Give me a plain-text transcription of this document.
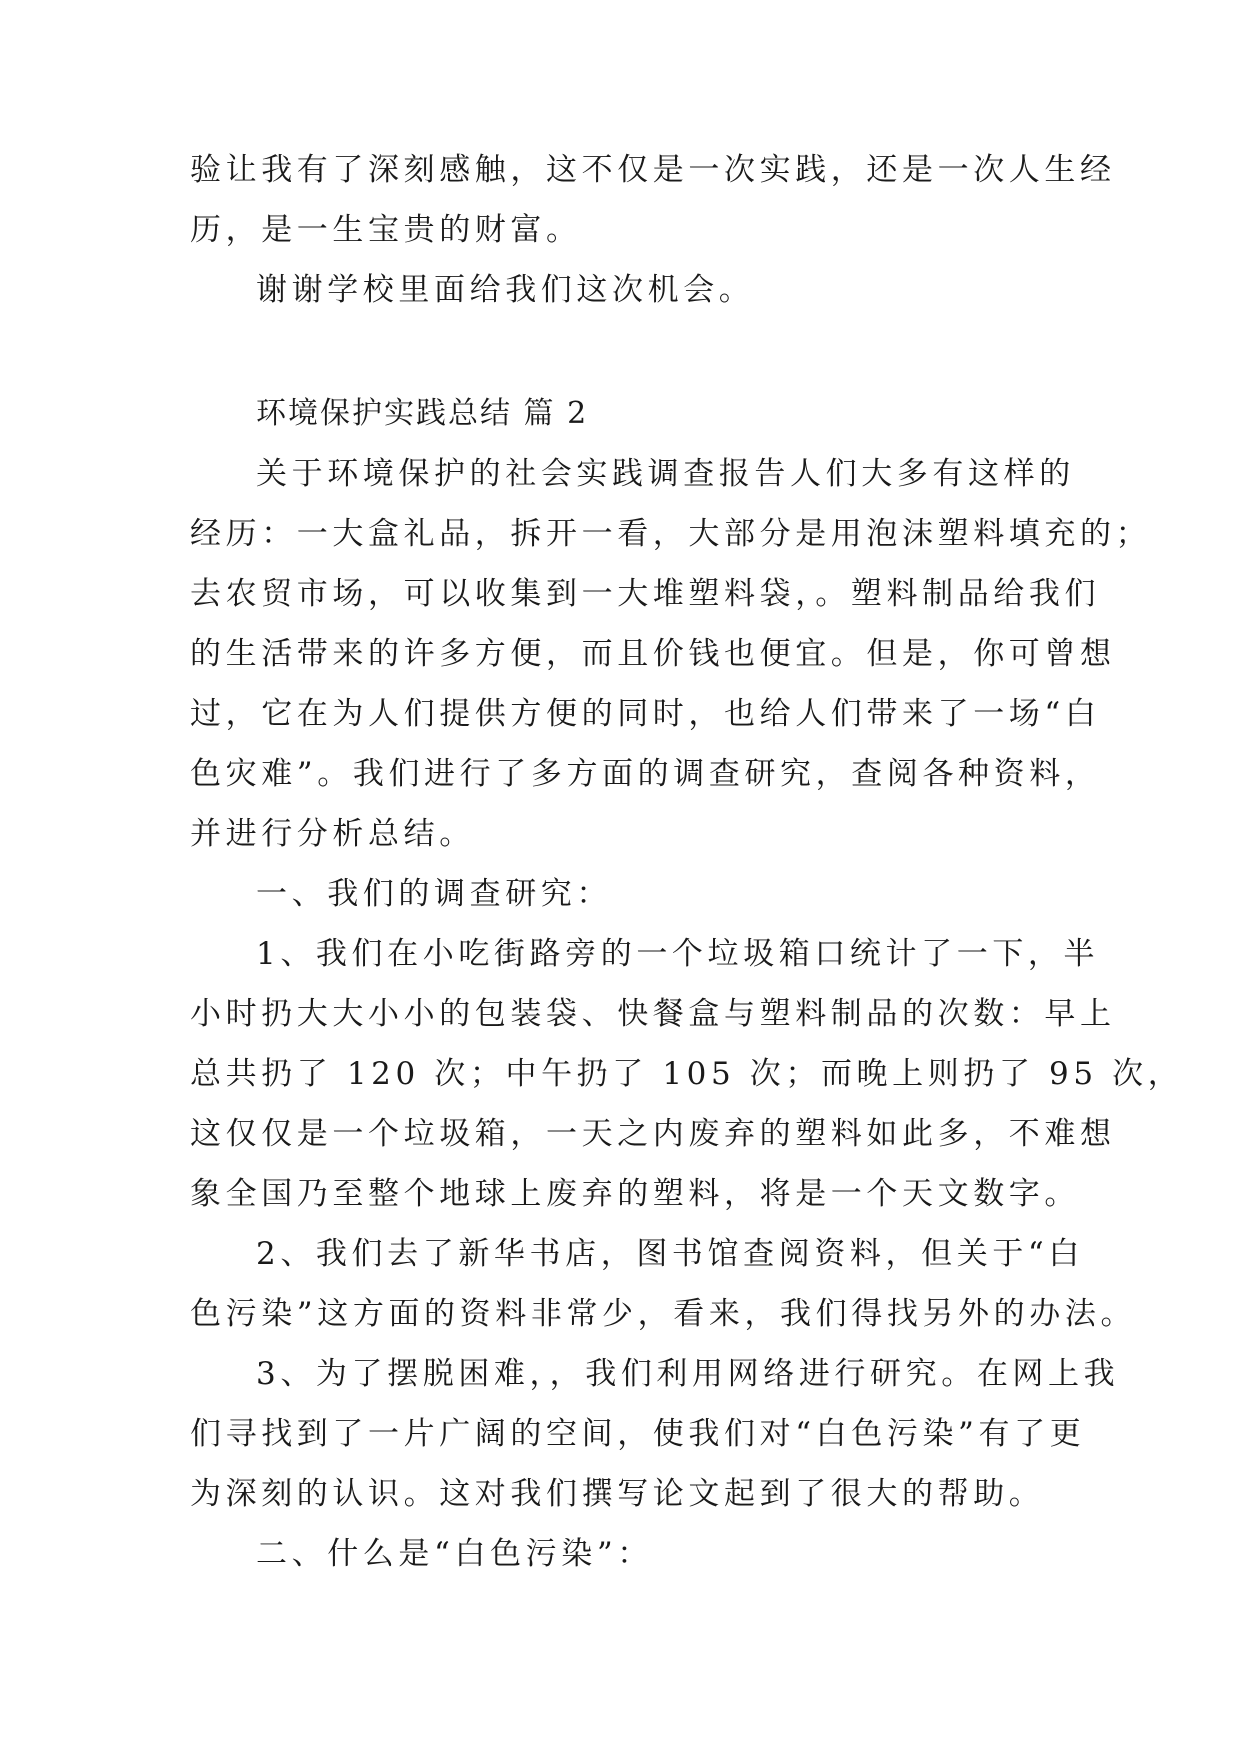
验让我有了深刻感触，这不仅是一次实践，还是一次人生经
历，是一生宝贵的财富。
谢谢学校里面给我们这次机会。
环境保护实践总结 篇 2
关于环境保护的社会实践调查报告人们大多有这样的
经历：一大盒礼品，拆开一看，大部分是用泡沫塑料填充的；
去农贸市场，可以收集到一大堆塑料袋，。塑料制品给我们
的生活带来的许多方便，而且价钱也便宜。但是，你可曾想
过，它在为人们提供方便的同时，也给人们带来了一场“白
色灾难”。我们进行了多方面的调查研究，查阅各种资料，
并进行分析总结。
一、我们的调查研究：
1、我们在小吃街路旁的一个垃圾箱口统计了一下，半
小时扔大大小小的包装袋、快餐盒与塑料制品的次数：早上
总共扔了 120 次；中午扔了 105 次；而晚上则扔了 95 次，
这仅仅是一个垃圾箱，一天之内废弃的塑料如此多，不难想
象全国乃至整个地球上废弃的塑料，将是一个天文数字。
2、我们去了新华书店，图书馆查阅资料，但关于“白
色污染”这方面的资料非常少，看来，我们得找另外的办法。
3、为了摆脱困难，，我们利用网络进行研究。在网上我
们寻找到了一片广阔的空间，使我们对“白色污染”有了更
为深刻的认识。这对我们撰写论文起到了很大的帮助。
二、什么是“白色污染”：
